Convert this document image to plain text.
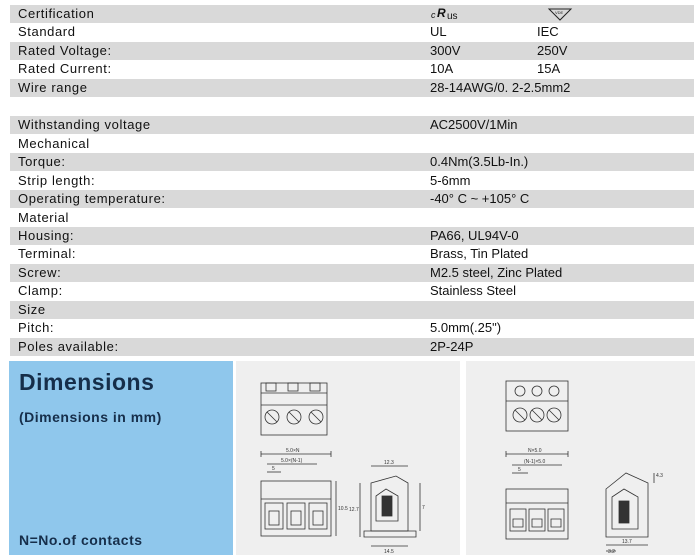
Certification	c R us	VDE
Standard	UL	IEC
Rated Voltage:	300V	250V
Rated Current:	10A	15A
Wire range	28-14AWG/0. 2-2.5mm2
Withstanding voltage	AC2500V/1Min
Mechanical
Torque:	0.4Nm(3.5Lb-In.)
Strip length:	5-6mm
Operating temperature:	-40° C ~ +105° C
Material
Housing:	PA66, UL94V-0
Terminal:	Brass, Tin Plated
Screw:	M2.5 steel, Zinc Plated
Clamp:	Stainless Steel
Size
Pitch:	5.0mm(.25")
Poles available:	2P-24P
Dimensions
(Dimensions in mm)
N=No.of contacts
5.0×N
5.0×(N-1)
5
10.5
12.3
12.7	7
14.5
N×5.0
(N-1)×5.0
5
4.3
13.7
3.2
